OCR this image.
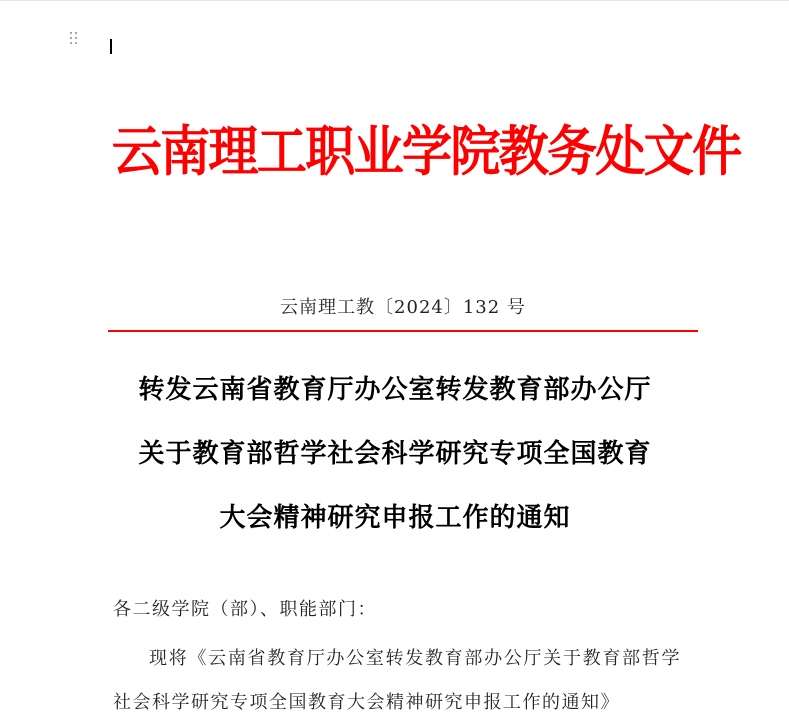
云南理工职业学院教务处文件
云南理工教〔2024〕132 号
转发云南省教育厅办公室转发教育部办公厅
关于教育部哲学社会科学研究专项全国教育
大会精神研究申报工作的通知
各二级学院（部）、职能部门：
现将《云南省教育厅办公室转发教育部办公厅关于教育部哲学社会科学研究专项全国教育大会精神研究申报工作的通知》
